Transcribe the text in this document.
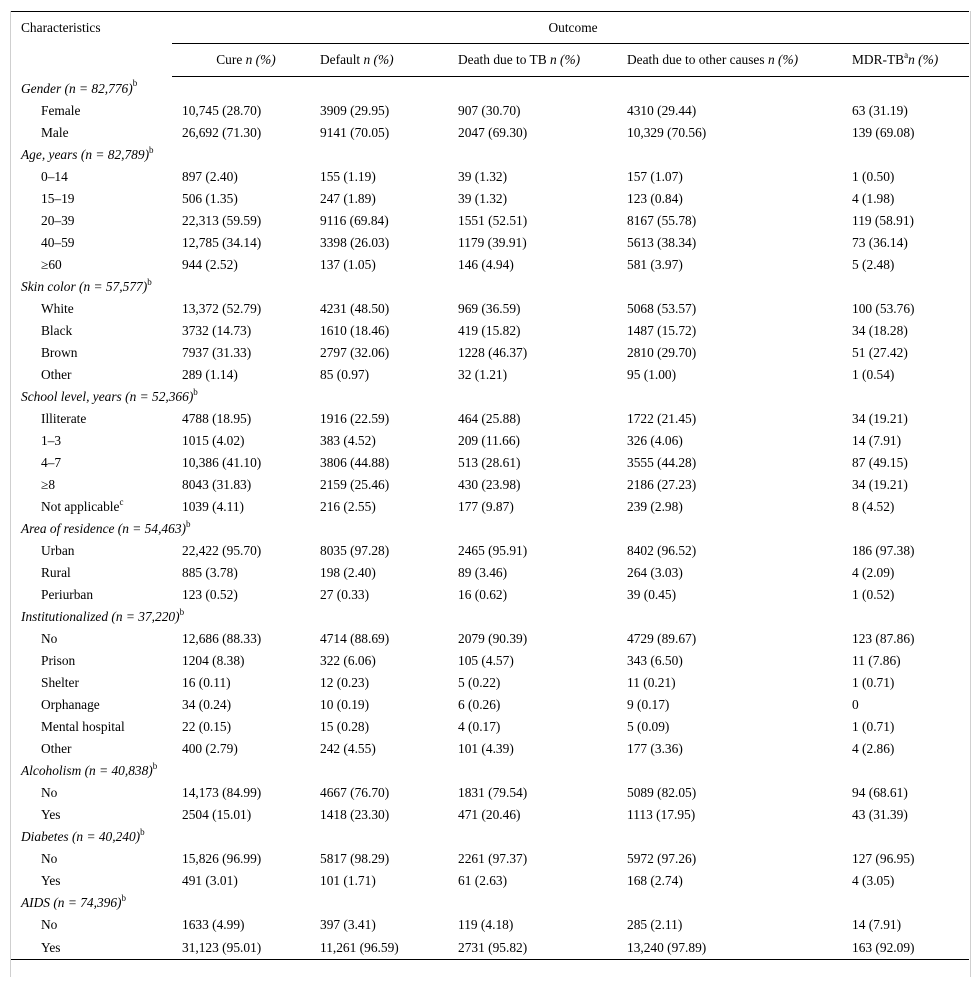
Characteristics	Outcome				
	Cure n (%)	Default n (%)	Death due to TB n (%)	Death due to other causes n (%)	MDR-$TB^an$ (%)
Gender (n = 82,776)$^b$
Female	10,745 (28.70)	3909 (29.95)	907 (30.70)	4310 (29.44)	63 (31.19)
Male	26,692 (71.30)	9141 (70.05)	2047 (69.30)	10,329 (70.56)	139 (69.08)
Age, years (n = 82,789)$^b$
0–14	897 (2.40)	155 (1.19)	39 (1.32)	157 (1.07)	1 (0.50)
15–19	506 (1.35)	247 (1.89)	39 (1.32)	123 (0.84)	4 (1.98)
20–39	22,313 (59.59)	9116 (69.84)	1551 (52.51)	8167 (55.78)	119 (58.91)
40–59	12,785 (34.14)	3398 (26.03)	1179 (39.91)	5613 (38.34)	73 (36.14)
≥60	944 (2.52)	137 (1.05)	146 (4.94)	581 (3.97)	5 (2.48)
Skin color (n = 57,577)$^b$
White	13,372 (52.79)	4231 (48.50)	969 (36.59)	5068 (53.57)	100 (53.76)
Black	3732 (14.73)	1610 (18.46)	419 (15.82)	1487 (15.72)	34 (18.28)
Brown	7937 (31.33)	2797 (32.06)	1228 (46.37)	2810 (29.70)	51 (27.42)
Other	289 (1.14)	85 (0.97)	32 (1.21)	95 (1.00)	1 (0.54)
School level, years (n = 52,366)$^b$
Illiterate	4788 (18.95)	1916 (22.59)	464 (25.88)	1722 (21.45)	34 (19.21)
1–3	1015 (4.02)	383 (4.52)	209 (11.66)	326 (4.06)	14 (7.91)
4–7	10,386 (41.10)	3806 (44.88)	513 (28.61)	3555 (44.28)	87 (49.15)
≥8	8043 (31.83)	2159 (25.46)	430 (23.98)	2186 (27.23)	34 (19.21)
Not applicable$^c$	1039 (4.11)	216 (2.55)	177 (9.87)	239 (2.98)	8 (4.52)
Area of residence (n = 54,463)$^b$
Urban	22,422 (95.70)	8035 (97.28)	2465 (95.91)	8402 (96.52)	186 (97.38)
Rural	885 (3.78)	198 (2.40)	89 (3.46)	264 (3.03)	4 (2.09)
Periurban	123 (0.52)	27 (0.33)	16 (0.62)	39 (0.45)	1 (0.52)
Institutionalized (n = 37,220)$^b$
No	12,686 (88.33)	4714 (88.69)	2079 (90.39)	4729 (89.67)	123 (87.86)
Prison	1204 (8.38)	322 (6.06)	105 (4.57)	343 (6.50)	11 (7.86)
Shelter	16 (0.11)	12 (0.23)	5 (0.22)	11 (0.21)	1 (0.71)
Orphanage	34 (0.24)	10 (0.19)	6 (0.26)	9 (0.17)	0
Mental hospital	22 (0.15)	15 (0.28)	4 (0.17)	5 (0.09)	1 (0.71)
Other	400 (2.79)	242 (4.55)	101 (4.39)	177 (3.36)	4 (2.86)
Alcoholism (n = 40,838)$^b$
No	14,173 (84.99)	4667 (76.70)	1831 (79.54)	5089 (82.05)	94 (68.61)
Yes	2504 (15.01)	1418 (23.30)	471 (20.46)	1113 (17.95)	43 (31.39)
Diabetes (n = 40,240)$^b$
No	15,826 (96.99)	5817 (98.29)	2261 (97.37)	5972 (97.26)	127 (96.95)
Yes	491 (3.01)	101 (1.71)	61 (2.63)	168 (2.74)	4 (3.05)
AIDS (n = 74,396)$^b$
No	1633 (4.99)	397 (3.41)	119 (4.18)	285 (2.11)	14 (7.91)
Yes	31,123 (95.01)	11,261 (96.59)	2731 (95.82)	13,240 (97.89)	163 (92.09)
